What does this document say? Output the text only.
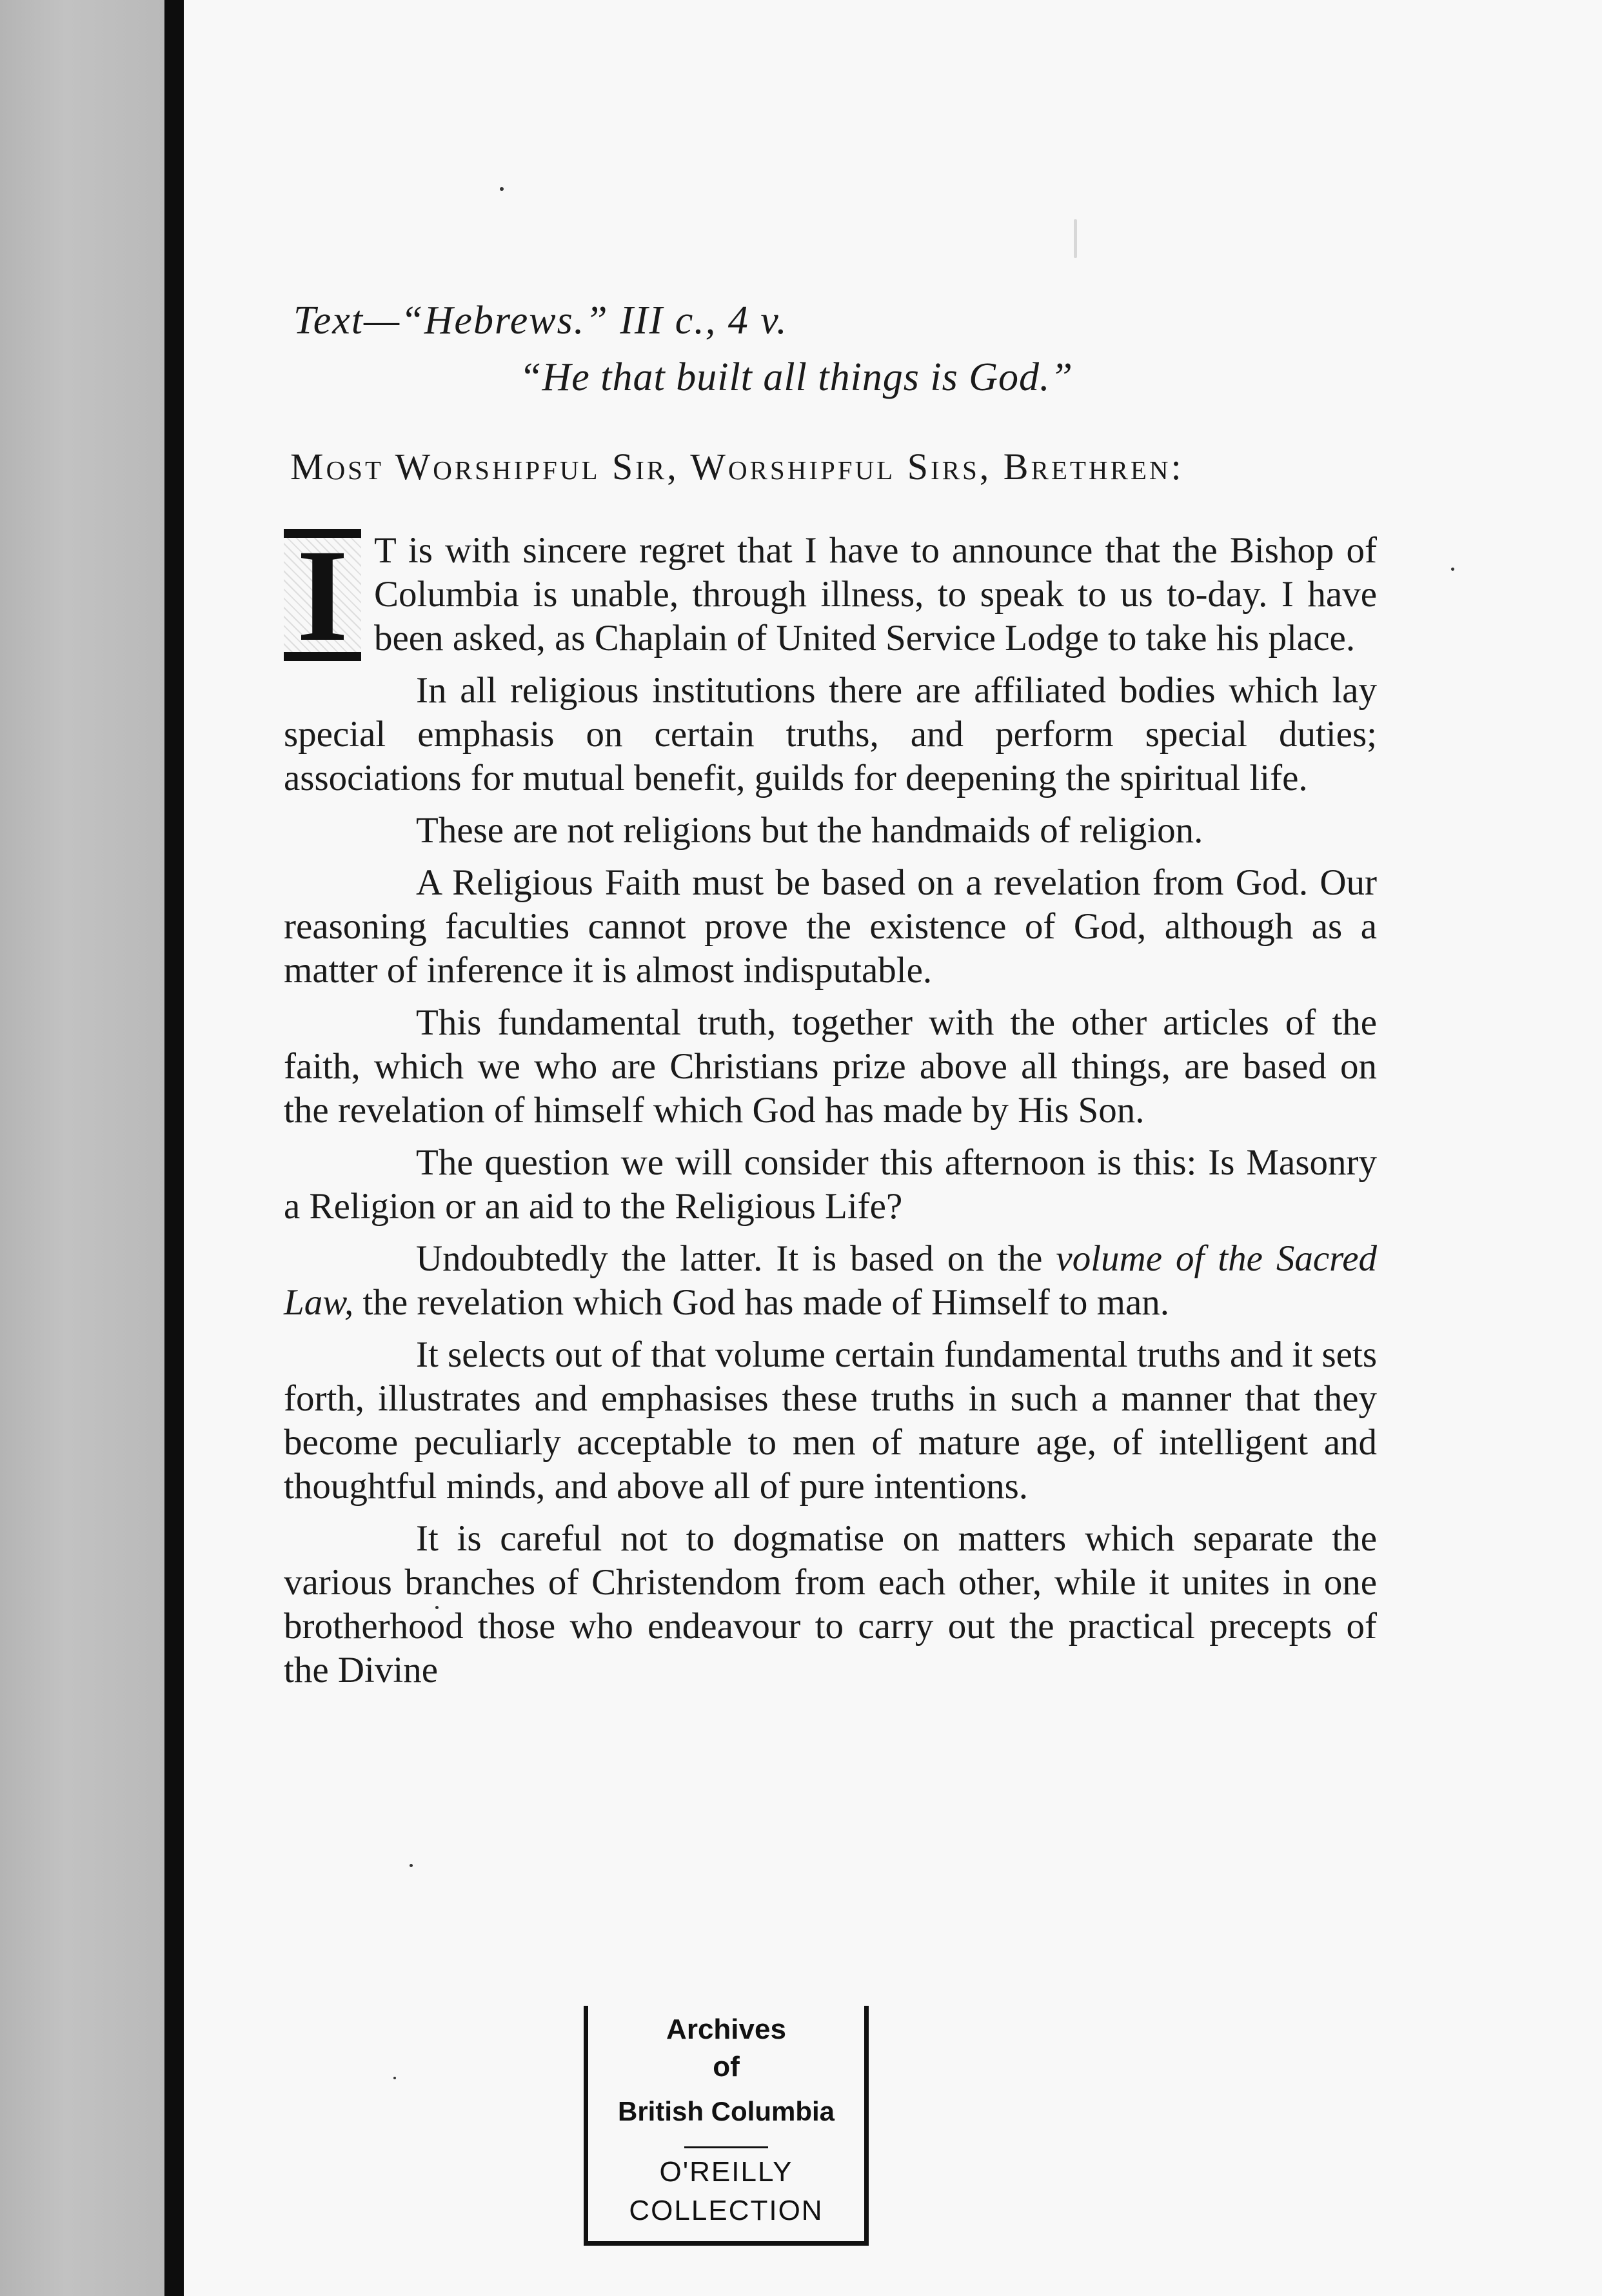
Text—“Hebrews.” III c., 4 v.
“He that built all things is God.”
Most Worshipful Sir, Worshipful Sirs, Brethren:

I T is with sincere regret that I have to announce that the Bishop of Columbia is unable, through illness, to speak to us to-day. I have been asked, as Chaplain of United Service Lodge to take his place.

In all religious institutions there are affiliated bodies which lay special emphasis on certain truths, and perform special duties; associations for mutual benefit, guilds for deepening the spiritual life.

These are not religions but the handmaids of religion.

A Religious Faith must be based on a revelation from God. Our reasoning faculties cannot prove the existence of God, although as a matter of inference it is almost indisputable.

This fundamental truth, together with the other articles of the faith, which we who are Christians prize above all things, are based on the revelation of himself which God has made by His Son.

The question we will consider this afternoon is this: Is Masonry a Religion or an aid to the Religious Life?

Undoubtedly the latter. It is based on the volume of the Sacred Law, the revelation which God has made of Himself to man.

It selects out of that volume certain fundamental truths and it sets forth, illustrates and emphasises these truths in such a manner that they become peculiarly acceptable to men of mature age, of intelligent and thoughtful minds, and above all of pure intentions.

It is careful not to dogmatise on matters which separate the various branches of Christendom from each other, while it unites in one brotherhood those who endeavour to carry out the practical precepts of the Divine

Archives
of
British Columbia
O'REILLY
COLLECTION
